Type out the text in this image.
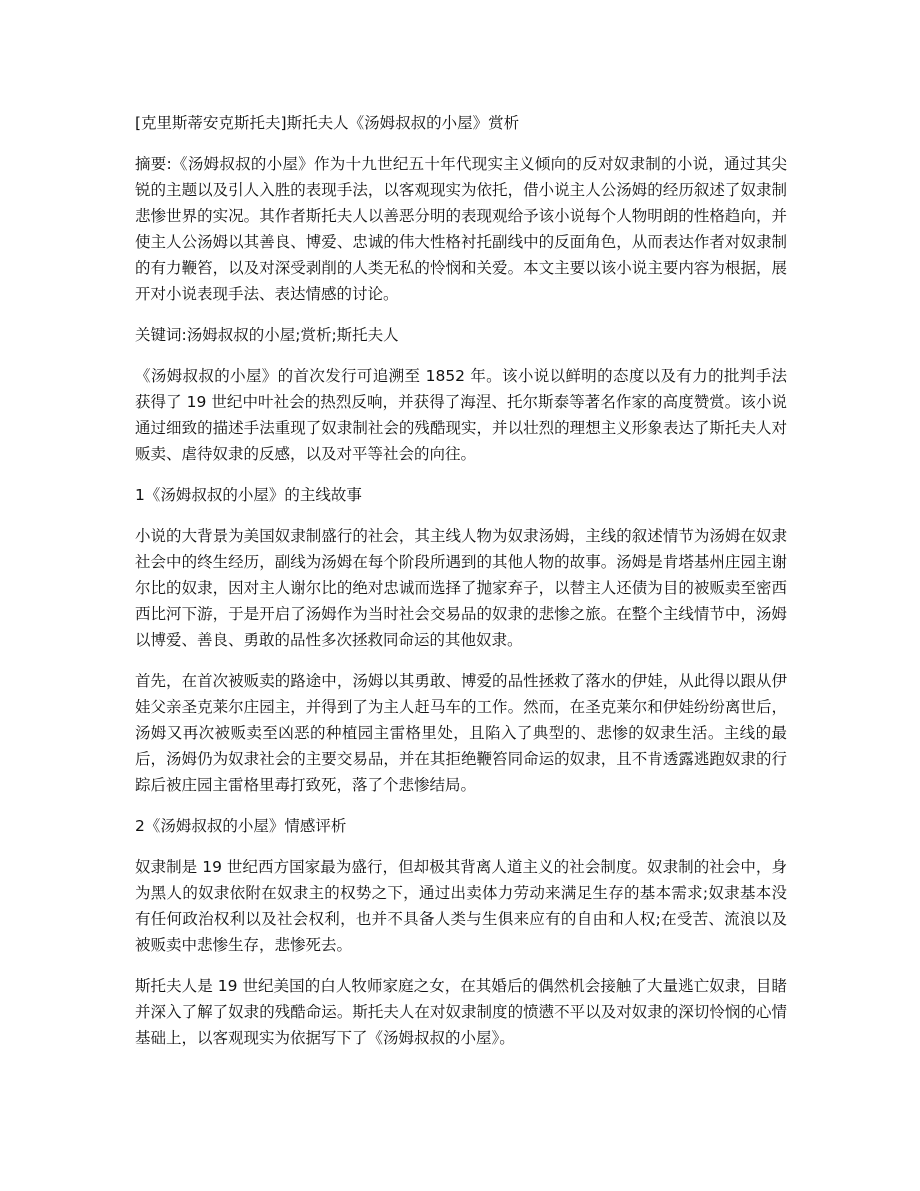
[克里斯蒂安克斯托夫]斯托夫人《汤姆叔叔的小屋》赏析

摘要:《汤姆叔叔的小屋》作为十九世纪五十年代现实主义倾向的反对奴隶制的小说，通过其尖锐的主题以及引人入胜的表现手法，以客观现实为依托，借小说主人公汤姆的经历叙述了奴隶制悲惨世界的实况。其作者斯托夫人以善恶分明的表现观给予该小说每个人物明朗的性格趋向，并使主人公汤姆以其善良、博爱、忠诚的伟大性格衬托副线中的反面角色，从而表达作者对奴隶制的有力鞭笞，以及对深受剥削的人类无私的怜悯和关爱。本文主要以该小说主要内容为根据，展开对小说表现手法、表达情感的讨论。

关键词:汤姆叔叔的小屋;赏析;斯托夫人

《汤姆叔叔的小屋》的首次发行可追溯至 1852 年。该小说以鲜明的态度以及有力的批判手法获得了 19 世纪中叶社会的热烈反响，并获得了海涅、托尔斯泰等著名作家的高度赞赏。该小说通过细致的描述手法重现了奴隶制社会的残酷现实，并以壮烈的理想主义形象表达了斯托夫人对贩卖、虐待奴隶的反感，以及对平等社会的向往。

1《汤姆叔叔的小屋》的主线故事

小说的大背景为美国奴隶制盛行的社会，其主线人物为奴隶汤姆，主线的叙述情节为汤姆在奴隶社会中的终生经历，副线为汤姆在每个阶段所遇到的其他人物的故事。汤姆是肯塔基州庄园主谢尔比的奴隶，因对主人谢尔比的绝对忠诚而选择了抛家弃子，以替主人还债为目的被贩卖至密西西比河下游，于是开启了汤姆作为当时社会交易品的奴隶的悲惨之旅。在整个主线情节中，汤姆以博爱、善良、勇敢的品性多次拯救同命运的其他奴隶。

首先，在首次被贩卖的路途中，汤姆以其勇敢、博爱的品性拯救了落水的伊娃，从此得以跟从伊娃父亲圣克莱尔庄园主，并得到了为主人赶马车的工作。然而，在圣克莱尔和伊娃纷纷离世后，汤姆又再次被贩卖至凶恶的种植园主雷格里处，且陷入了典型的、悲惨的奴隶生活。主线的最后，汤姆仍为奴隶社会的主要交易品，并在其拒绝鞭笞同命运的奴隶，且不肯透露逃跑奴隶的行踪后被庄园主雷格里毒打致死，落了个悲惨结局。

2《汤姆叔叔的小屋》情感评析

奴隶制是 19 世纪西方国家最为盛行，但却极其背离人道主义的社会制度。奴隶制的社会中，身为黑人的奴隶依附在奴隶主的权势之下，通过出卖体力劳动来满足生存的基本需求;奴隶基本没有任何政治权利以及社会权利，也并不具备人类与生俱来应有的自由和人权;在受苦、流浪以及被贩卖中悲惨生存，悲惨死去。

斯托夫人是 19 世纪美国的白人牧师家庭之女，在其婚后的偶然机会接触了大量逃亡奴隶，目睹并深入了解了奴隶的残酷命运。斯托夫人在对奴隶制度的愤懑不平以及对奴隶的深切怜悯的心情基础上，以客观现实为依据写下了《汤姆叔叔的小屋》。
